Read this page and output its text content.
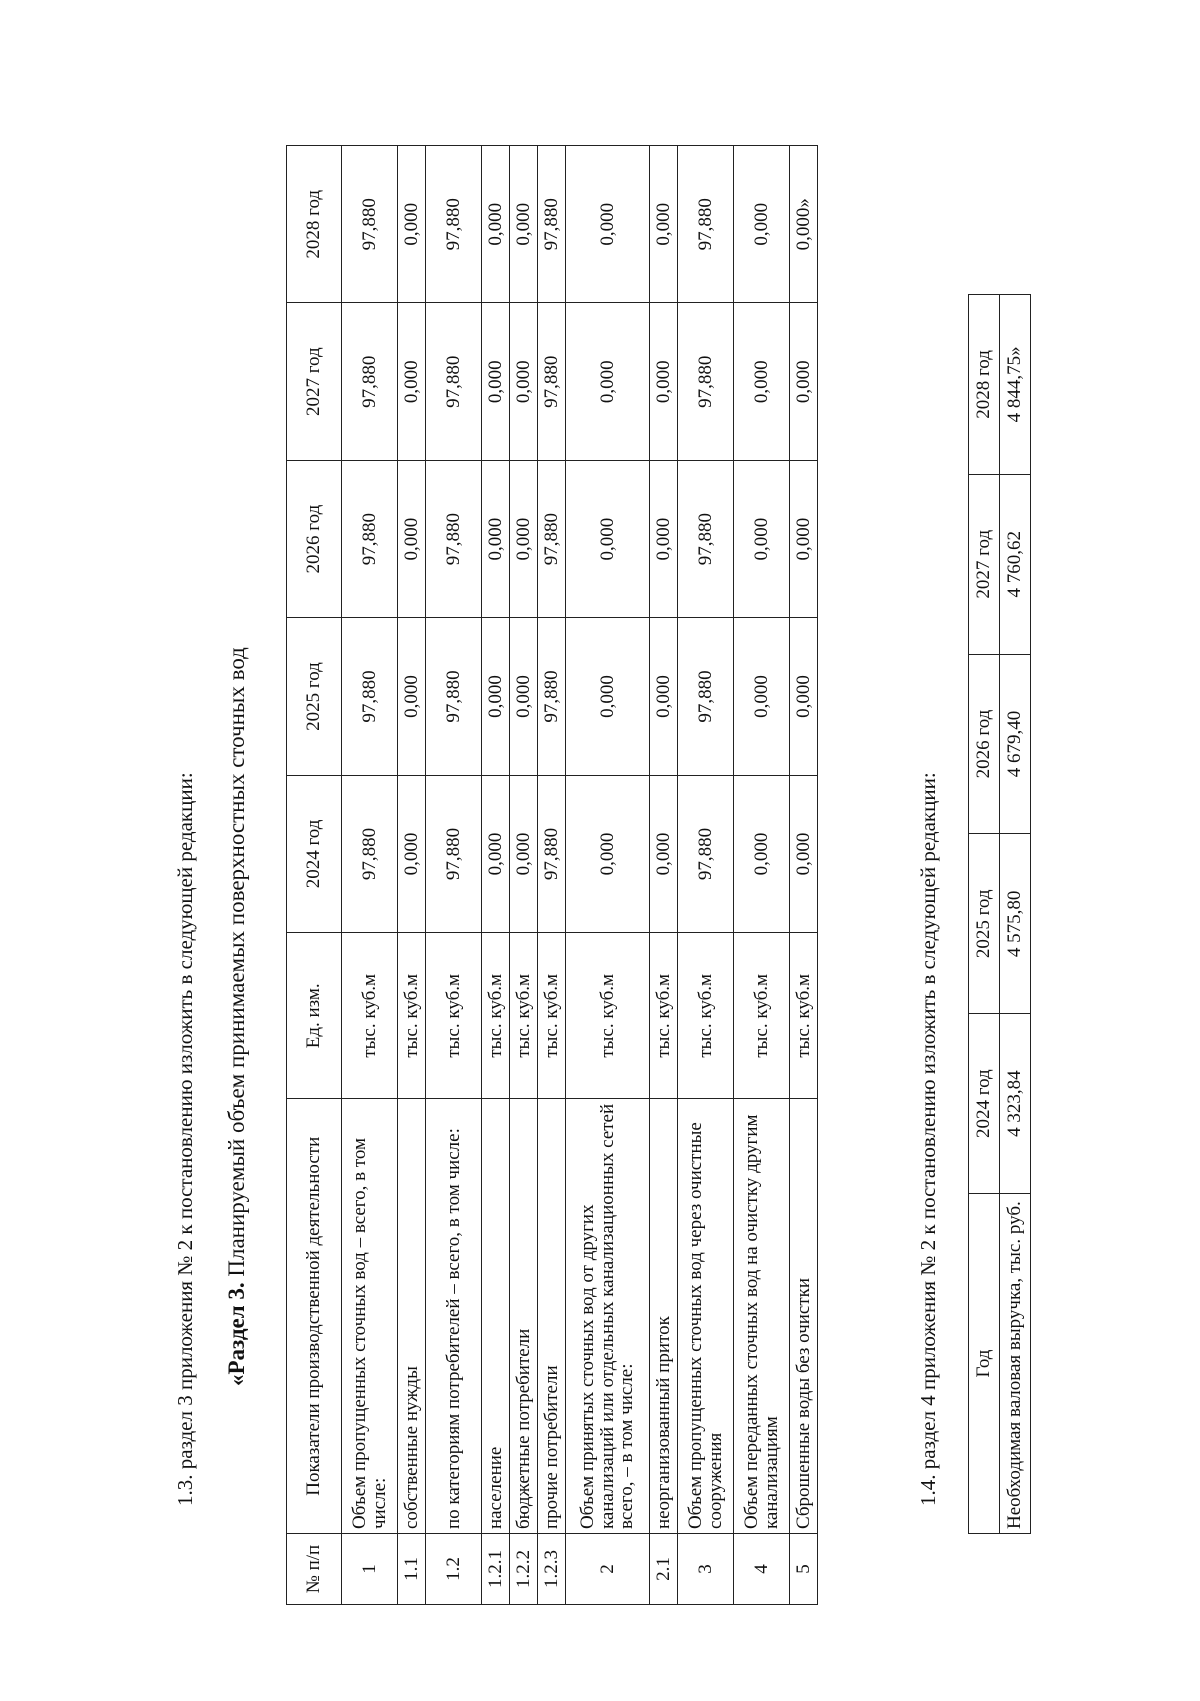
1.3. раздел 3 приложения № 2 к постановлению изложить в следующей редакции: «Раздел 3. Планируемый объем принимаемых поверхностных сточных вод
№ п/п	Показатели производственной деятельности	Ед. изм.	2024 год	2025 год	2026 год	2027 год	2028 год
1	Объем пропущенных сточных вод – всего, в том числе:	тыс. куб.м	97,880	97,880	97,880	97,880	97,880
1.1	собственные нужды	тыс. куб.м	0,000	0,000	0,000	0,000	0,000
1.2	по категориям потребителей – всего, в том числе:	тыс. куб.м	97,880	97,880	97,880	97,880	97,880
1.2.1	население	тыс. куб.м	0,000	0,000	0,000	0,000	0,000
1.2.2	бюджетные потребители	тыс. куб.м	0,000	0,000	0,000	0,000	0,000
1.2.3	прочие потребители	тыс. куб.м	97,880	97,880	97,880	97,880	97,880
2	Объем принятых сточных вод от других канализаций или отдельных канализационных сетей всего, – в том числе:	тыс. куб.м	0,000	0,000	0,000	0,000	0,000
2.1	неорганизованный приток	тыс. куб.м	0,000	0,000	0,000	0,000	0,000
3	Объем пропущенных сточных вод через очистные сооружения	тыс. куб.м	97,880	97,880	97,880	97,880	97,880
4	Объем переданных сточных вод на очистку другим канализациям	тыс. куб.м	0,000	0,000	0,000	0,000	0,000
5	Сброшенные воды без очистки	тыс. куб.м	0,000	0,000	0,000	0,000	0,000»
1.4. раздел 4 приложения № 2 к постановлению изложить в следующей редакции: Год	2024 год	2025 год	2026 год	2027 год	2028 год
Необходимая валовая выручка, тыс. руб.	4 323,84	4 575,80	4 679,40	4 760,62	4 844,75»
